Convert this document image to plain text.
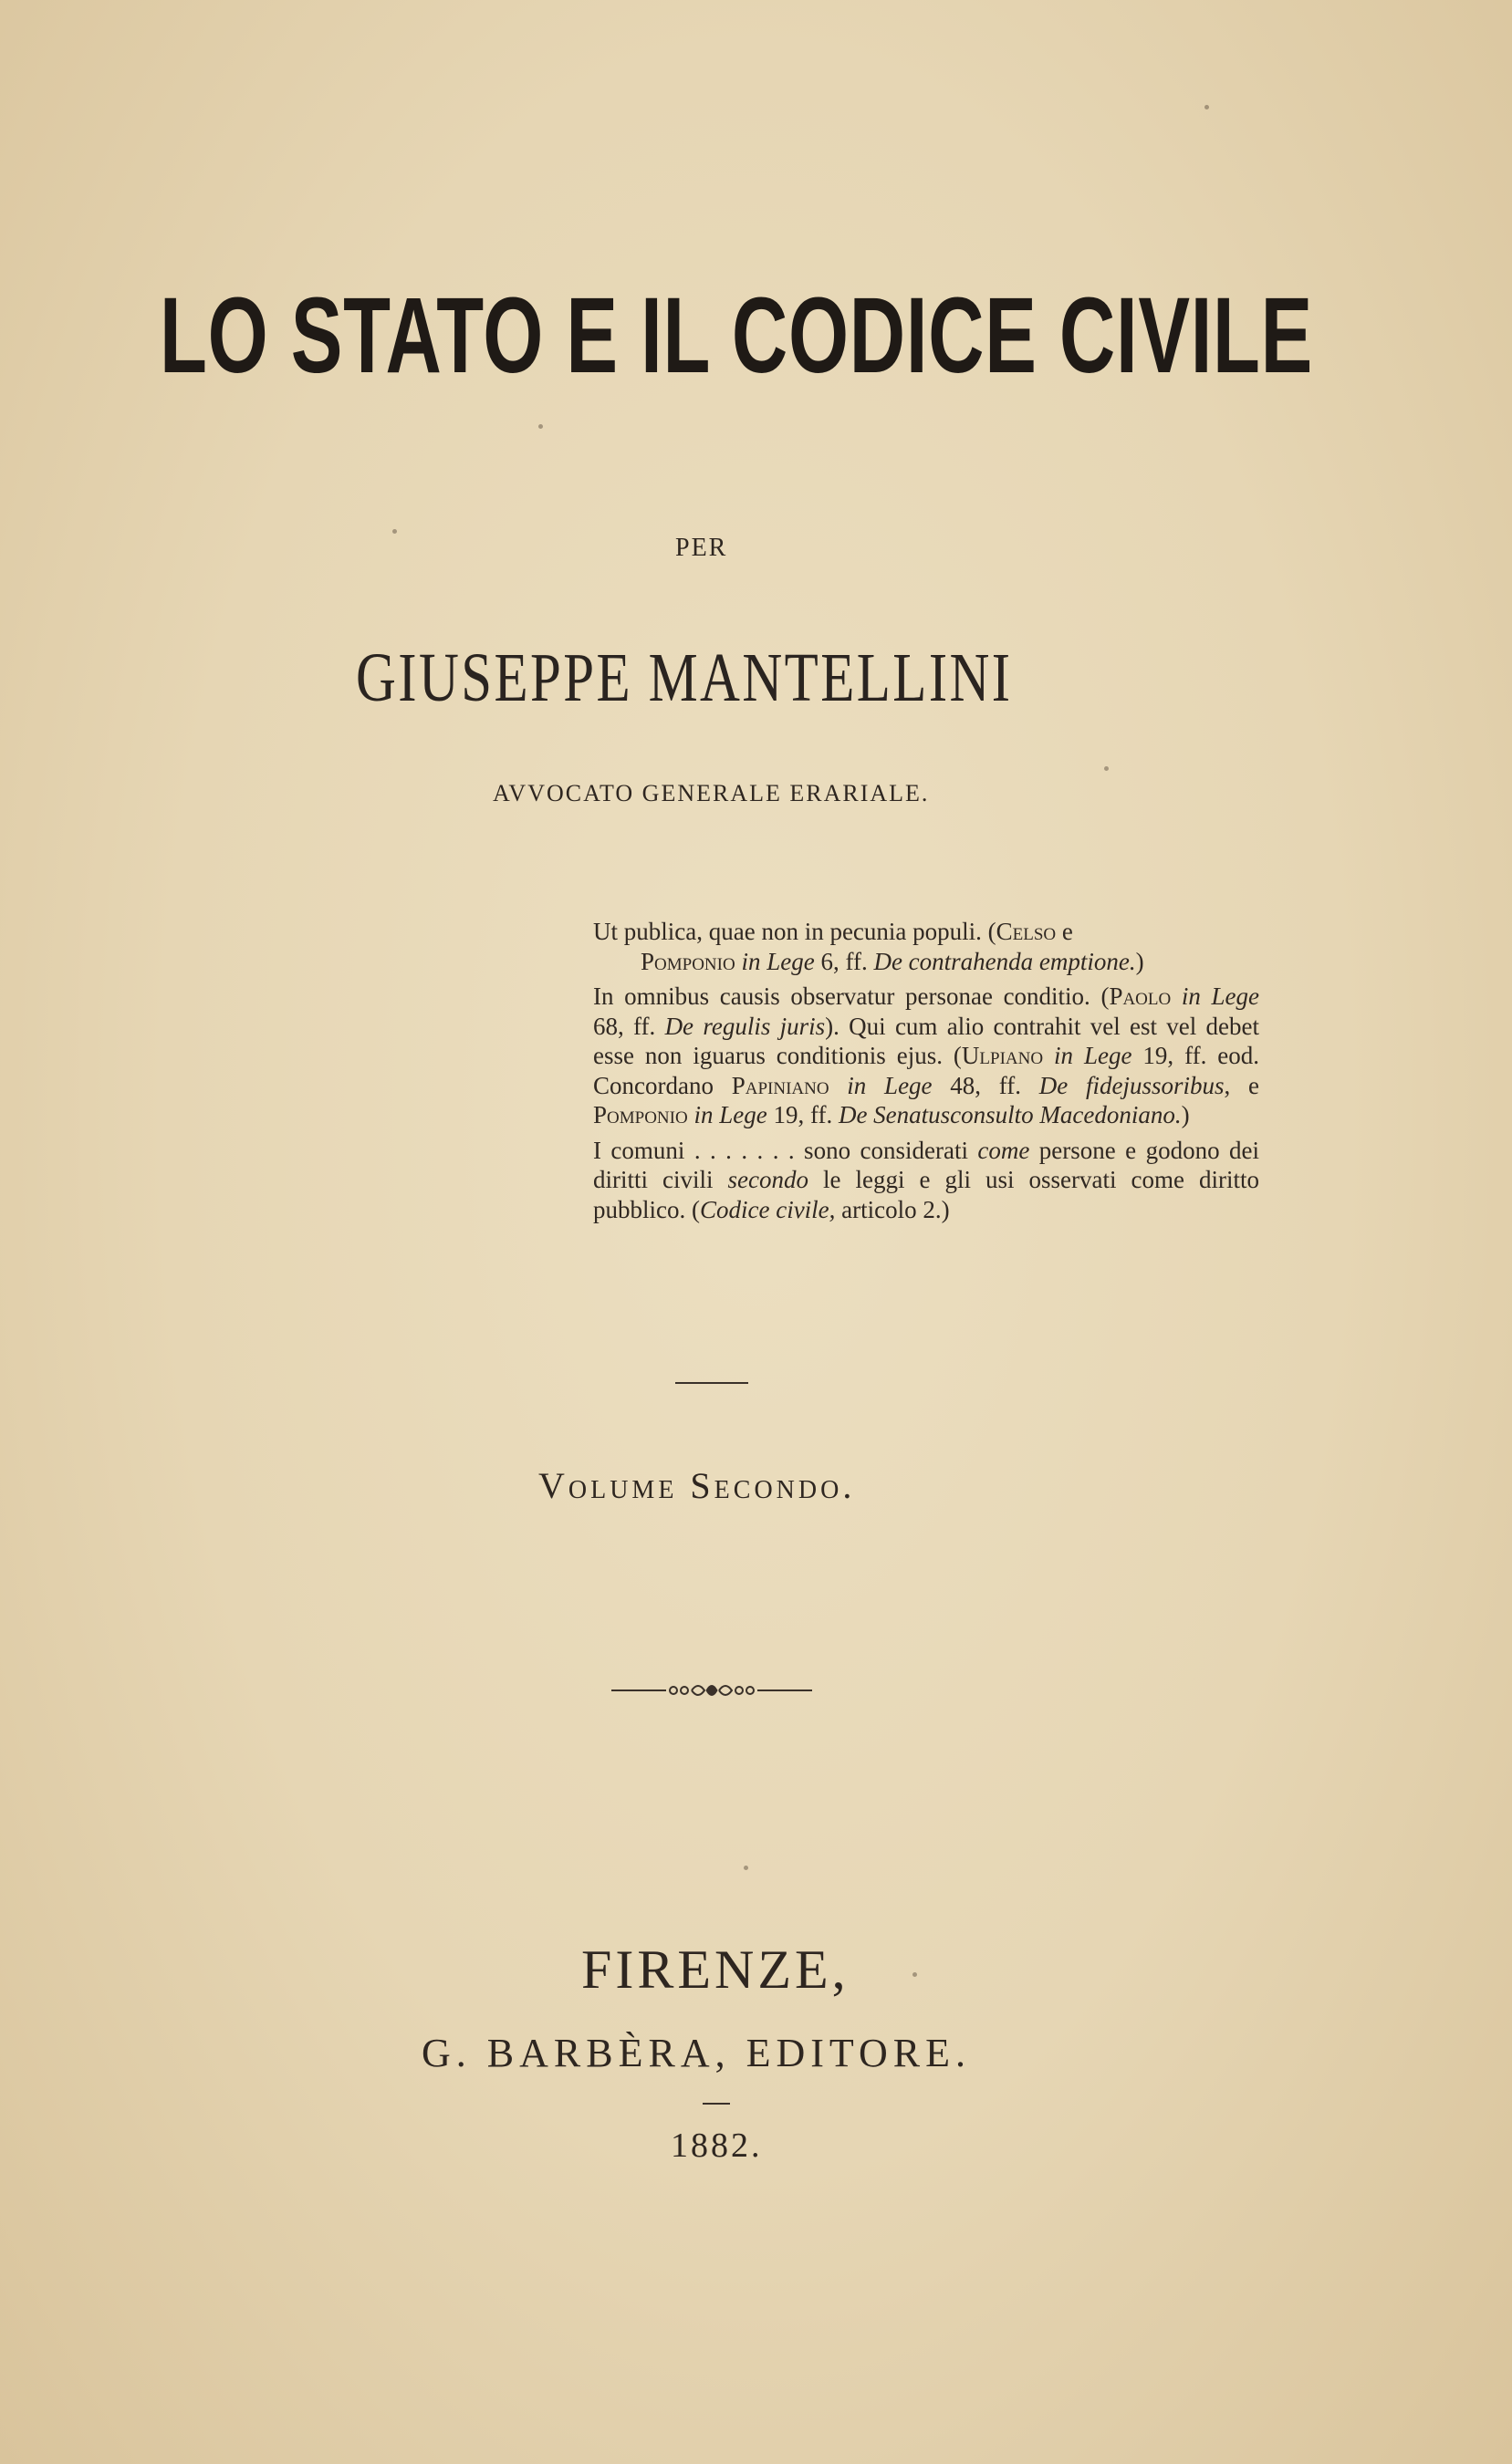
LO STATO E IL CODICE CIVILE
PER
GIUSEPPE MANTELLINI
AVVOCATO GENERALE ERARIALE.
Ut publica, quae non in pecunia populi. (Celso e
Pomponio in Lege 6, ff. De contrahenda emptione.)
In omnibus causis observatur personae conditio. (Paolo in Lege 68, ff. De regulis juris). Qui cum alio contrahit vel est vel debet esse non iguarus conditionis ejus. (Ulpiano in Lege 19, ff. eod. Concordano Papiniano in Lege 48, ff. De fidejussoribus, e Pomponio in Lege 19, ff. De Senatusconsulto Macedoniano.)
I comuni . . . . . . . sono considerati come persone e godono dei diritti civili secondo le leggi e gli usi osservati come diritto pubblico. (Codice civile, articolo 2.)
Volume Secondo.
FIRENZE,
G. BARBÈRA, EDITORE.
1882.
